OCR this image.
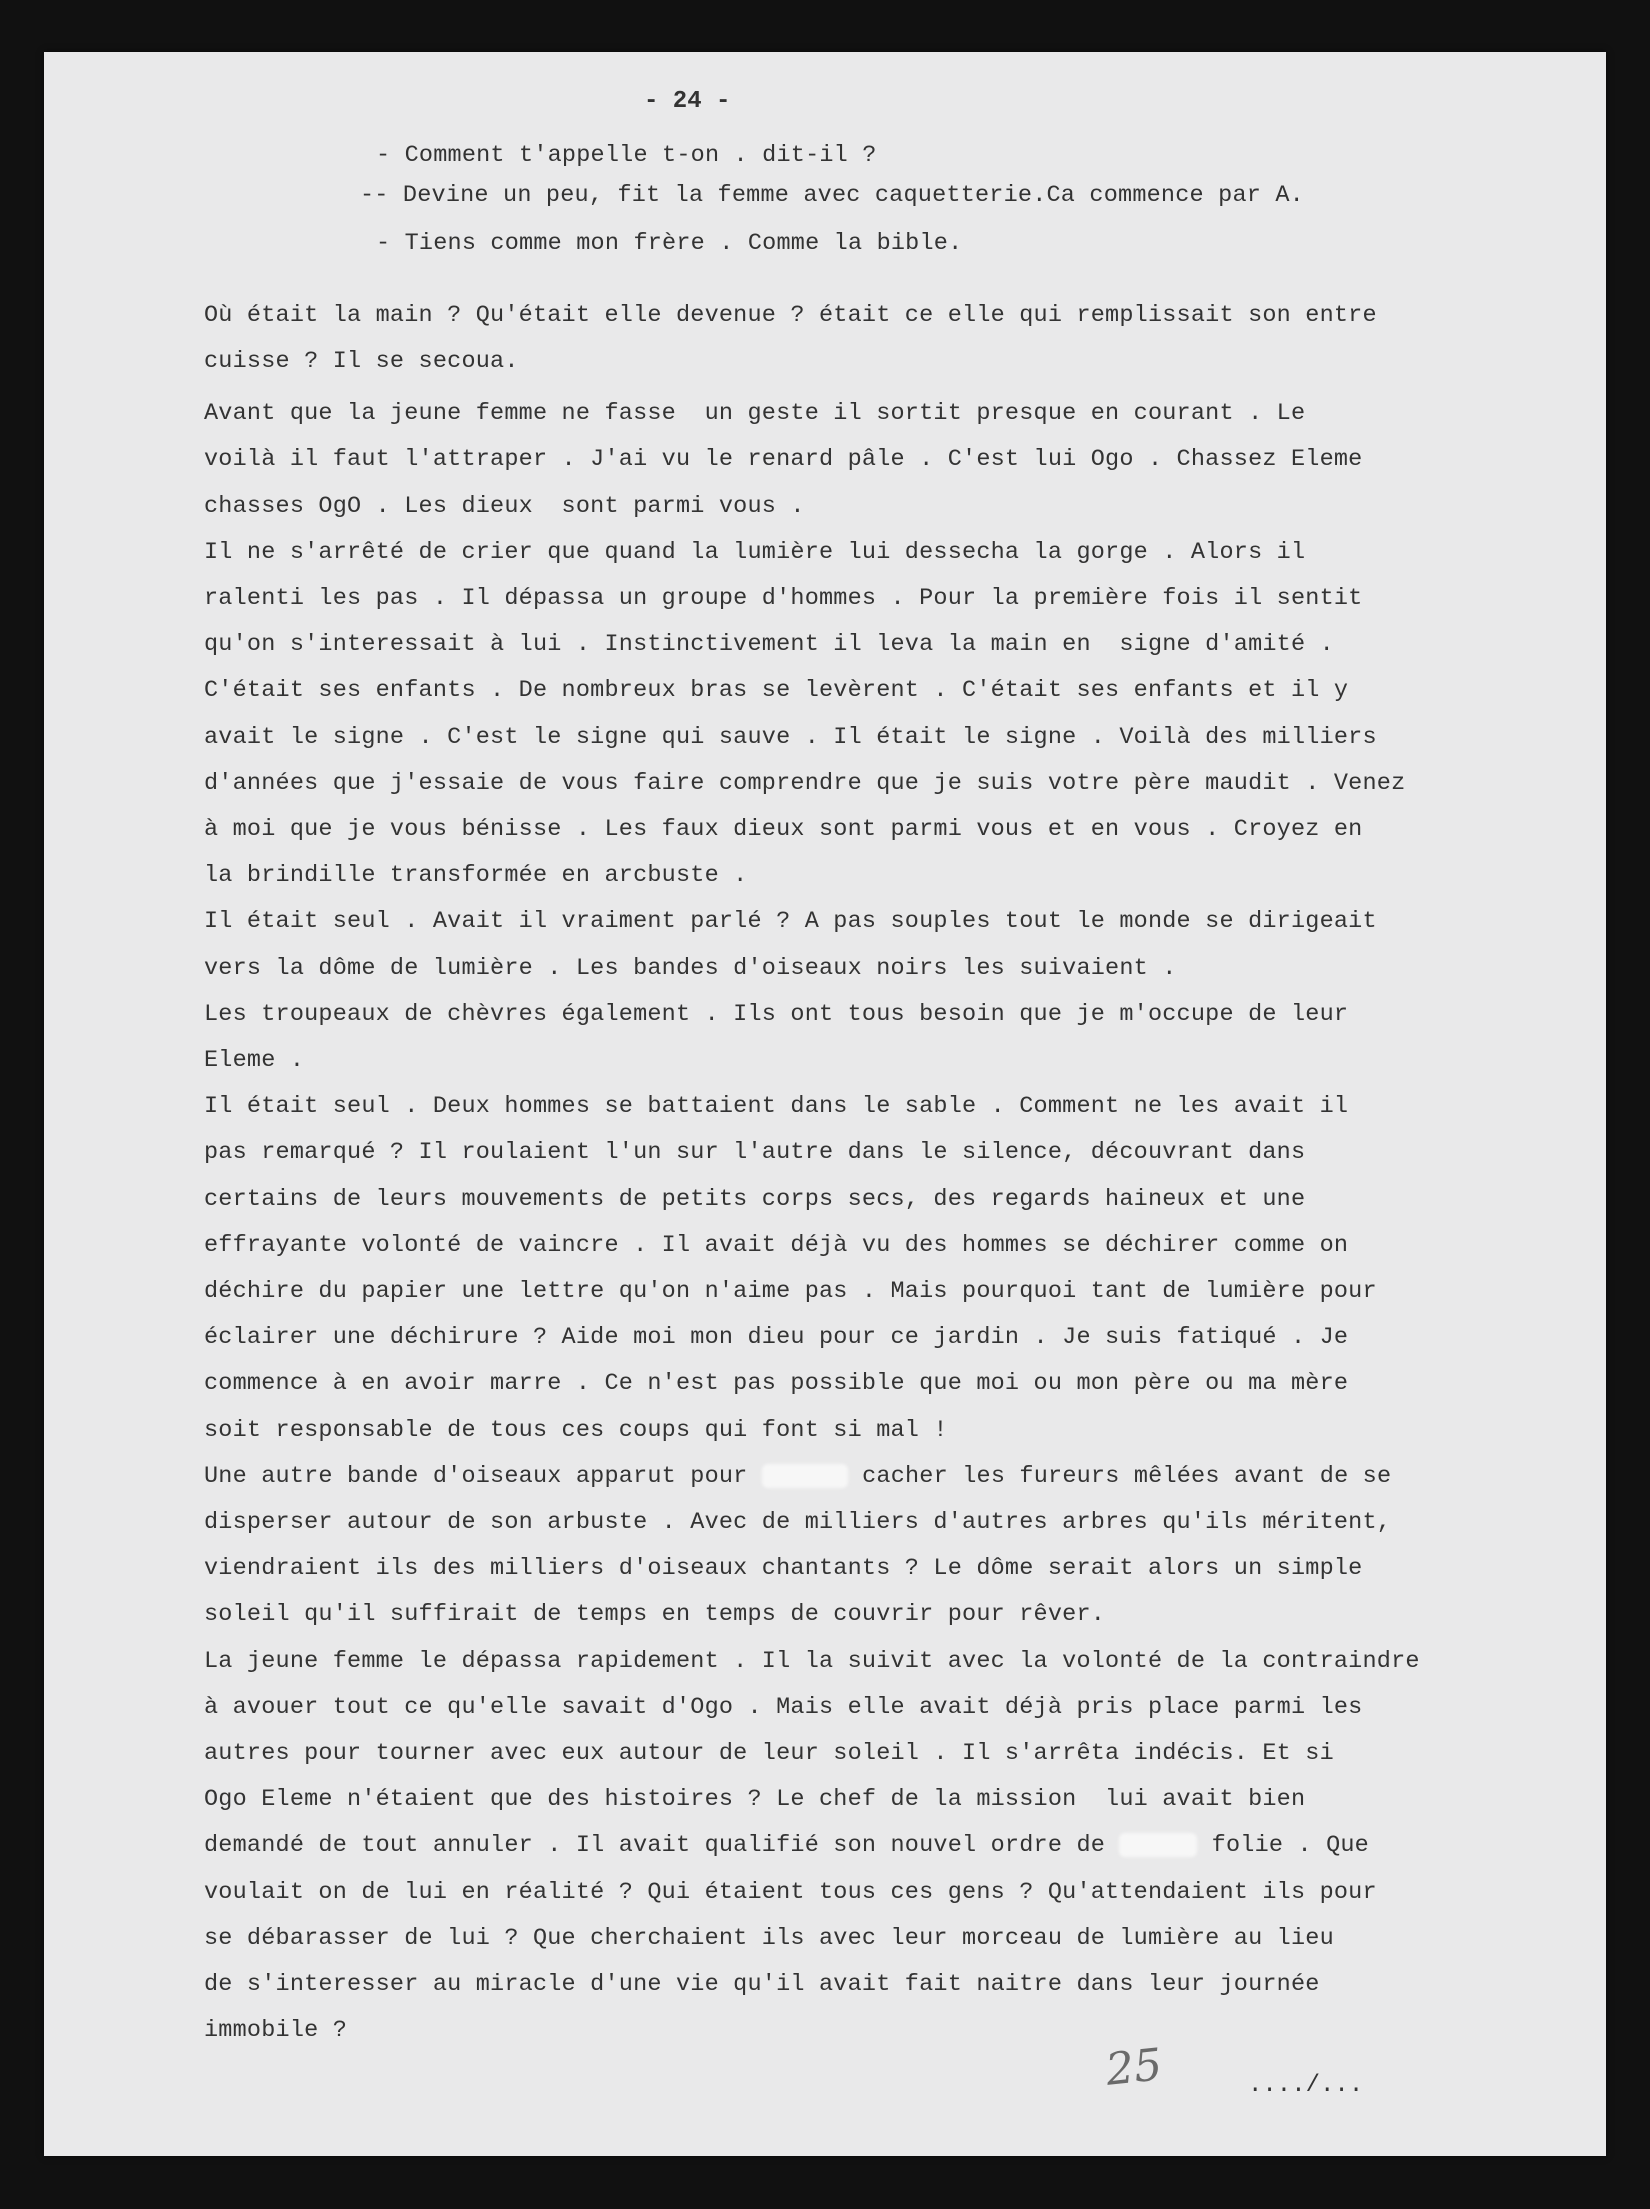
- 24 -
- Comment t'appelle t-on . dit-il ?
-- Devine un peu, fit la femme avec caquetterie.Ca commence par A.
- Tiens comme mon frère . Comme la bible.
Où était la main ? Qu'était elle devenue ? était ce elle qui remplissait son entre
cuisse ? Il se secoua.
Avant que la jeune femme ne fasse  un geste il sortit presque en courant . Le
voilà il faut l'attraper . J'ai vu le renard pâle . C'est lui Ogo . Chassez Eleme
chasses OgO . Les dieux  sont parmi vous .
Il ne s'arrêté de crier que quand la lumière lui dessecha la gorge . Alors il
ralenti les pas . Il dépassa un groupe d'hommes . Pour la première fois il sentit
qu'on s'interessait à lui . Instinctivement il leva la main en  signe d'amité .
C'était ses enfants . De nombreux bras se levèrent . C'était ses enfants et il y
avait le signe . C'est le signe qui sauve . Il était le signe . Voilà des milliers
d'années que j'essaie de vous faire comprendre que je suis votre père maudit . Venez
à moi que je vous bénisse . Les faux dieux sont parmi vous et en vous . Croyez en
la brindille transformée en arcbuste .
Il était seul . Avait il vraiment parlé ? A pas souples tout le monde se dirigeait
vers la dôme de lumière . Les bandes d'oiseaux noirs les suivaient .
Les troupeaux de chèvres également . Ils ont tous besoin que je m'occupe de leur
Eleme .
Il était seul . Deux hommes se battaient dans le sable . Comment ne les avait il
pas remarqué ? Il roulaient l'un sur l'autre dans le silence, découvrant dans
certains de leurs mouvements de petits corps secs, des regards haineux et une
effrayante volonté de vaincre . Il avait déjà vu des hommes se déchirer comme on
déchire du papier une lettre qu'on n'aime pas . Mais pourquoi tant de lumière pour
éclairer une déchirure ? Aide moi mon dieu pour ce jardin . Je suis fatiqué . Je
commence à en avoir marre . Ce n'est pas possible que moi ou mon père ou ma mère
soit responsable de tous ces coups qui font si mal !
Une autre bande d'oiseaux apparut pour	cacher les fureurs mêlées avant de se
disperser autour de son arbuste . Avec de milliers d'autres arbres qu'ils méritent,
viendraient ils des milliers d'oiseaux chantants ? Le dôme serait alors un simple
soleil qu'il suffirait de temps en temps de couvrir pour rêver.
La jeune femme le dépassa rapidement . Il la suivit avec la volonté de la contraindre
à avouer tout ce qu'elle savait d'Ogo . Mais elle avait déjà pris place parmi les
autres pour tourner avec eux autour de leur soleil . Il s'arrêta indécis. Et si
Ogo Eleme n'étaient que des histoires ? Le chef de la mission  lui avait bien
demandé de tout annuler . Il avait qualifié son nouvel ordre de	folie . Que
voulait on de lui en réalité ? Qui étaient tous ces gens ? Qu'attendaient ils pour
se débarasser de lui ? Que cherchaient ils avec leur morceau de lumière au lieu
de s'interesser au miracle d'une vie qu'il avait fait naitre dans leur journée
immobile ?
25	..../...
